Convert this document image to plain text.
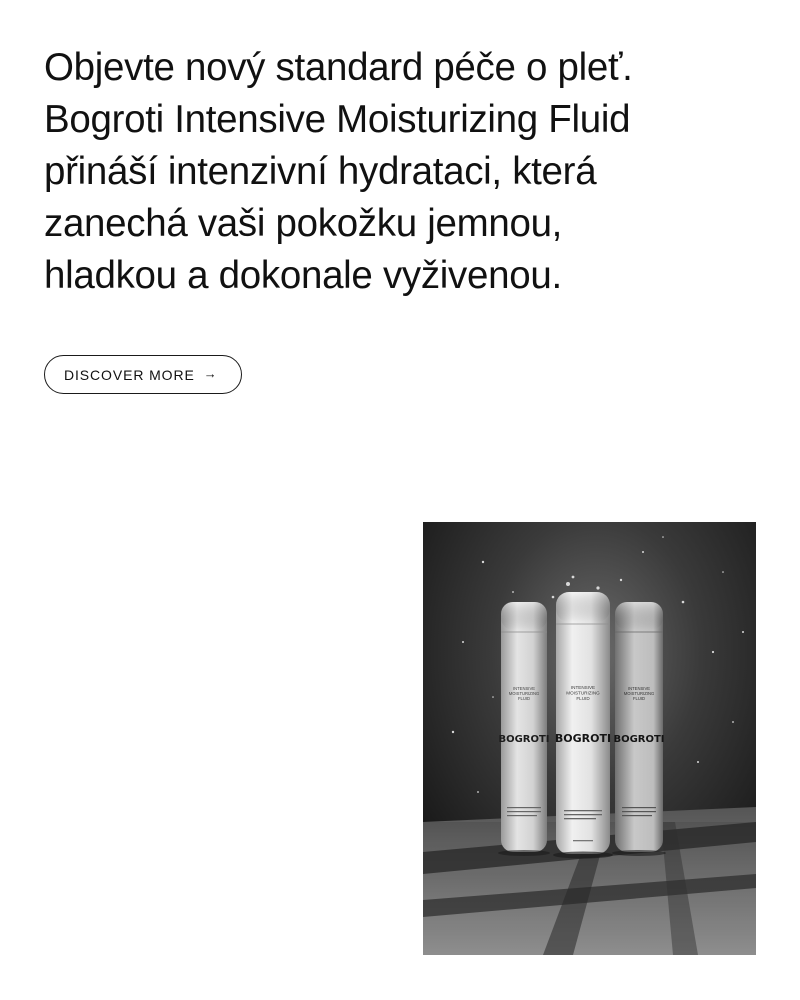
Objevte nový standard péče o pleť.
Bogroti Intensive Moisturizing Fluid
přináší intenzivní hydrataci, která
zanechá vaši pokožku jemnou,
hladkou a dokonale vyživenou.

DISCOVER MORE →
INTENSIVE
MOISTURIZING
FLUID
BOGROTI
INTENSIVE
MOISTURIZING
FLUID
BOGROTI
INTENSIVE
MOISTURIZING
FLUID
BOGROTI
